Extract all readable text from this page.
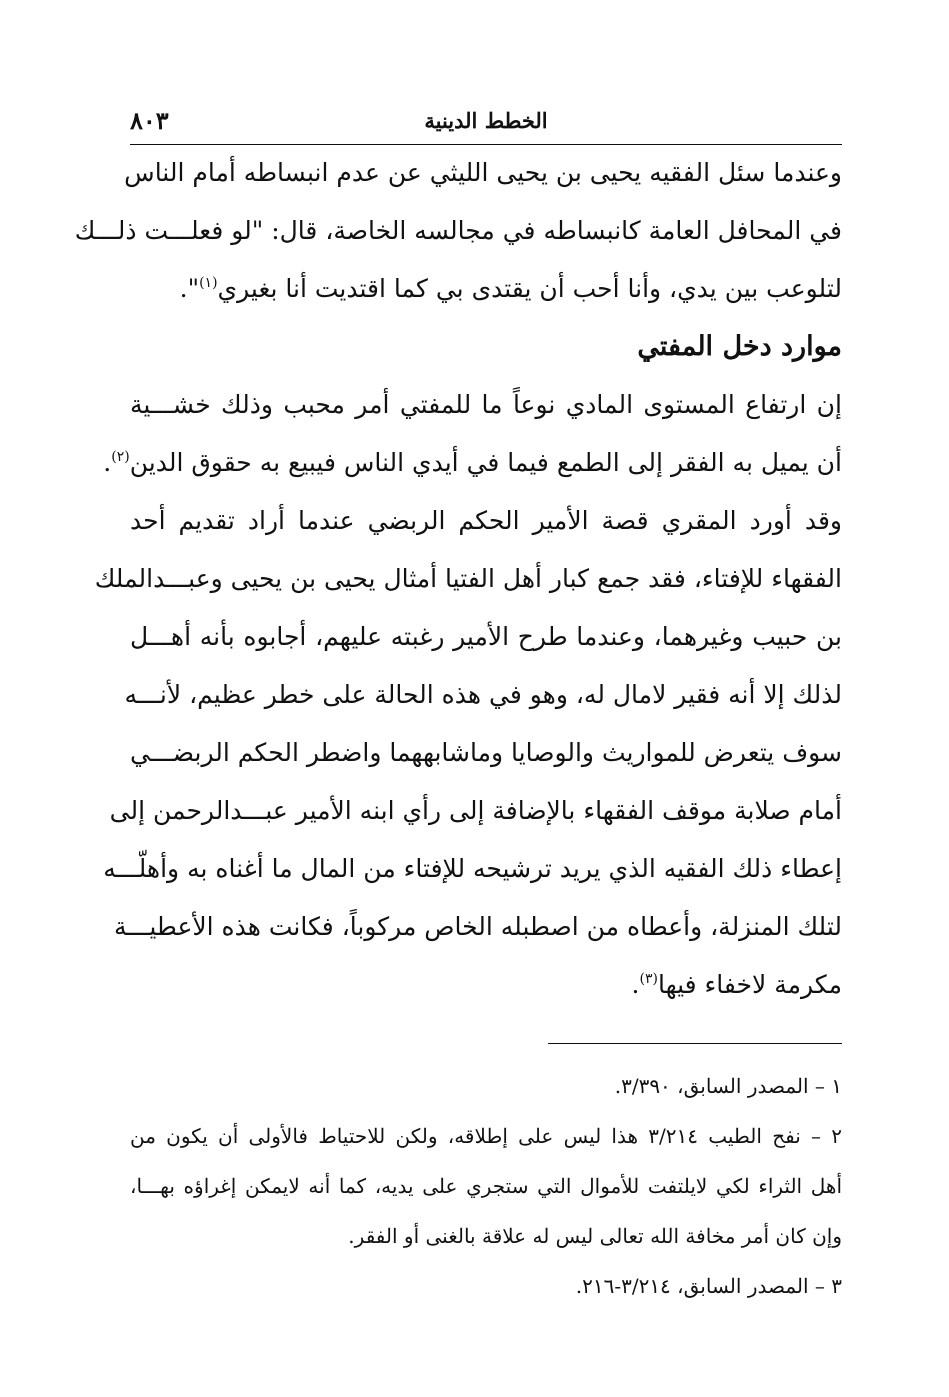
الخطط الدينية
٨٠٣
وعندما سئل الفقيه يحيى بن يحيى الليثي عن عدم انبساطه أمام الناس
في المحافل العامة كانبساطه في مجالسه الخاصة، قال: "لو فعلـــت ذلـــك
لتلوعب بين يدي، وأنا أحب أن يقتدى بي كما اقتديت أنا بغيري$^{(١)}$".
موارد دخل المفتي
إن ارتفاع المستوى المادي نوعاً ما للمفتي أمر محبب وذلك خشـــية
أن يميل به الفقر إلى الطمع فيما في أيدي الناس فيبيع به حقوق الدين$^{(٢)}$.
وقد أورد المقري قصة الأمير الحكم الربضي عندما أراد تقديم أحد
الفقهاء للإفتاء، فقد جمع كبار أهل الفتيا أمثال يحيى بن يحيى وعبـــدالملك
بن حبيب وغيرهما، وعندما طرح الأمير رغبته عليهم، أجابوه بأنه أهـــل
لذلك إلا أنه فقير لامال له، وهو في هذه الحالة على خطر عظيم، لأنـــه
سوف يتعرض للمواريث والوصايا وماشابههما واضطر الحكم الربضـــي
أمام صلابة موقف الفقهاء بالإضافة إلى رأي ابنه الأمير عبـــدالرحمن إلى
إعطاء ذلك الفقيه الذي يريد ترشيحه للإفتاء من المال ما أغناه به وأهلّـــه
لتلك المنزلة، وأعطاه من اصطبله الخاص مركوباً، فكانت هذه الأعطيـــة
مكرمة لاخفاء فيها$^{(٣)}$.
١ – المصدر السابق، ٣/٣٩٠.
٢ – نفح الطيب ٣/٢١٤ هذا ليس على إطلاقه، ولكن للاحتياط فالأولى أن يكون من
أهل الثراء لكي لايلتفت للأموال التي ستجري على يديه، كما أنه لايمكن إغراؤه بهـــا،
وإن كان أمر مخافة الله تعالى ليس له علاقة بالغنى أو الفقر.
٣ – المصدر السابق، ٣/٢١٤-٢١٦.
